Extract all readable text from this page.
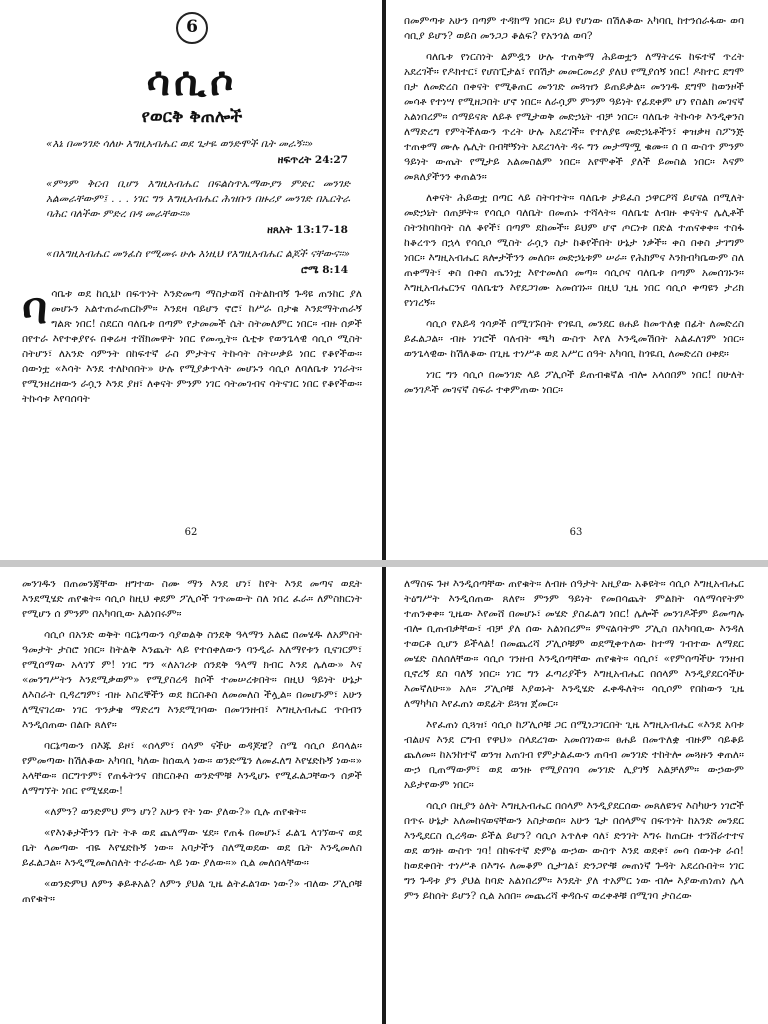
6
ሳሲሶ
የወርቅ ቅጠሎች
«እኔ በመንገድ ሳለሁ እግዚአብሔር ወደ ጌታዬ ወንድሞች ቤት መራኝ።»
ዘፍጥረት 24:27
«ምንም ቅርብ ቢሆን እግዚአብሔር በፍልስጥኤማውያን ምድር መንገድ አልመራቸውም፤ . . . ነገር ግን እግዚአብሔር ሕዝቡን በዙሪያ መንገድ በኤርትራ ባሕር ባለችው ምድረ በዳ መራቸው።»
ዘጸአት 13:17-18
«በእግዚአብሔር መንፈስ የሚመሩ ሁሉ እነዚህ የእግዚአብሔር ልጆች ናቸውና።»
ሮሜ 8:14

ባሳቤቱ ወደ ከሲኒኮ በፍጥነት እንድመጣ ማስታወሻ ስትልክብኝ ጉዳዩ ጠንከር ያለ መሆኑን አልተጠራጠርኩም። እንደዛ ባይሆን ኖሮ፣ ከሥራ በታቁ እንደማትጠራኝ ግልጽ ነበር! ስደርስ ባለቤቱ በጣም የታመመች ሴት ስትመለምር ነበር። ብዙ ሰዎች በየተራ እየተቀያየሩ በቀሬዛ ተሸክመዋት ነበር የመጧት። ሴቲቱ የወንጌላዊ ሳሲሶ ሚስት ስትሆን፣ ለአንድ ሳምንት በከፍተኛ ራስ ምታትና ትኩሳት ስትሠቃይ ነበር የቆየችው። ሰውነቷ «እሳት እንደ ተለኮሰበት» ሁሉ የሚያቃጥላት መሆኑን ሳሲሶ ለባለቤቱ ነገራት። የሚንዘረዘውን ራሷን እንደ ያዘ፣ ለቀናት ምንም ነገር ሳትመገብና ሳትናገር ነበር የቆየችው። ትኩሳቱ እየባሰባት

62

በመምጣቱ አሁን በጣም ተዳክማ ነበር። ይህ የሆነው በሽለቆው አካባቢ ከተንሰራፋው ወባ ሳቢያ ይሆን? ወይስ መንጋጋ ቆልፍ? የአንጎል ወባ?

ባለቤቱ የነርስነት ልምዷን ሁሉ ተጠቅማ ሕይወቷን ለማትረፍ ከፍተኛ ጥረት አደረገች። የዶክተር፣ የሆስፒታል፣ የበሽታ መመርመሪያ ያለህ የሚያሰኝ ነበር! ዶክተር ደግሞ በታ ለመድረስ በቀናት የሚቆጠር መንገድ መጓዝን ይጠይቃል። መንገዱ ደግሞ ከወንዞች መሳቶ የተነሣ የሚዘጋበት ሆኖ ነበር። ለራሷም ምንም ዓይነት የፊደቀም ሆነ የስልክ መገናኛ አልነበረም። ሰማይናጽ ለይቶ የሚታወቅ መድኃኒት ብቻ ነበር። ባለቤቱ ትኩሳቱ እንዲቀንስ ለማድረግ የምትችለውን ጥረት ሁሉ አደረገች። የተለያዩ መድኃኒቶችን፣ ቀዝቃዛ ስፖንጅ ተጠቀማ ሙሉ ሌሊት በብቸኝነት አደረገላት ዳሩ ግን መታማሟ ቁሙ። ሰ በ ውስጥ ምንም ዓይነት ውጤት የሚታይ አልመስልም ነበር። አየሞቀች ያለች ይመስል ነበር። እናም መጸለያችንን ቀጠልን።

ለቀናት ሕይወቷ በጣር ላይ ስትባተት። ባለቤቱ ታይፈስ ኃዋርዖሻ ይሆናል በሚለት መድኃኒት ሰጠቻት። የሳሲሶ ባለቤት በመጠኑ ተሻላት። ባለቤቴ ለብዙ ቀናትና ሌሊቶች ስትንከባከባት ስለ ቆየች፣ በጣም ደከመች። ይህም ሆኖ ጦርነቱ በድል ተጠናቀቀ። ተስፋ ከቆረጥን በኋላ የሳሲሶ ሚስት ራሷን ስታ ከቆየችበት ሁኔታ ነቃች። ቀስ በቀስ ታገግም ነበር። እግዚአብሔር ጸሎታችንን መለሰ። መድኃኒቱም ሠራ። የሕክምና እንክብካቤውም ስለ ጠቀማት፣ ቀስ በቀስ ጤንነቷ እየተመለሰ መጣ። ሳሲሶና ባለቤቱ በጣም አመሰገኑን። እግዚአብሔርንና ባለቤቴን እየደጋገሙ አመሰገኑ። በዚህ ጊዜ ነበር ሳሲሶ ቀጣዩን ታሪክ የነገረኝ።

ሳሲሶ የአይዳ ጎሳዎች በሚገኙበት የጎዪቢ መንደር ፀሐይ ከመጥለቋ በፊት ለመድረስ ይፈልጋል። ብዙ ነገሮች ባለብት ጫካ ውስጥ እየለ እንዲመሽበት አልፈለገም ነበር። ወንጌላዊው ከሽለቆው በጊዜ ተነሥቶ ወደ አሥር ሰዓት አካባቢ ከጎዪቢ ለመድረስ ዐቀደ።

ነገር ግን ሳሲሶ በመንገድ ላይ ፖሊሶች ይጠብቁኛል ብሎ አላሰበም ነበር! በሁለት መንገዶች መገናኛ ስፍራ ተቀምጠው ነበር።

63

መንገዱን በጠመንጃቸው ዘግተው ስሙ ማን እንደ ሆነ፣ ከየት እንደ መጣና ወዴት እንደሚሄድ ጠየቁት። ሳሲሶ ከዚህ ቀደም ፖሊሶች ገጥመውት ስለ ነበረ ፈራ። ለምስክርነት የሚሆን ሰ ምንም በአካባቢው አልነበሩም።

ሳሲሶ በአንድ ወቅት ባርኔጣውን ሳያወልቅ ስንደቅ ዓላማን አልፎ በመሄዱ ለአምስት ዓመታት ታስሮ ነበር። ከትልቅ እንጨት ላይ የተሰቀለውን ባንዲራ አለማየቱን ቢናገርም፣ የሚሰማው አላገኘ ም! ነገር ግን «ለአገሪቱ ሰንደቅ ዓላማ ክብር እንደ ሌለው» እና «መንግሥትን እንደሚቃወም» የሚያስረዳ ክሶች ተመሠረቱበት። በዚህ ዓይነት ሁኔታ ለእስራት ቢዳረግም፣ ብዙ አስረኞችን ወደ ክርስቶስ ለመመለስ ችሏል። በመሆኑም፣ አሁን ለሚናገረው ነገር ጥንቃቄ ማድረግ እንደሚገባው በመገንዘብ፣ እግዚአብሔር ጥበብን እንዲሰጠው በልቡ ጸለየ።

ባርኔጣውን በእጁ ይዞ፣ «ሰላም፣ ሰላም ናችሁ ወዳጆቼ? ስሜ ሳሲሶ ይባላል። የምመጣው ከሽለቆው አካባቢ ካለው ከሰዉላ ነው። ወንድሜን ለመፈለግ እየሄድኩኝ ነው።» አላቸው። በርግጥም፣ የጠፋትንና በክርስቶስ ወንድሞቹ እንዲሆኑ የሚፈልጋቸውን ሰዎች ለማግኘት ነበር የሚሄደው!

«ለምን? ወንድምህ ምን ሆነ? አሁን የት ነው ያለው?» ሲሉ ጠየቁት።

«የእነቆታችንን ቤት ትቶ ወደ ጨለማው ሄደ። የጠፋ በመሆኑ፣ ፈልጌ ላገኘውና ወደ ቤት ላመጣው ብዬ እየሄድኩኝ ነው። አባታችን ስለሚወደው ወደ ቤት እንዲመለስ ይፈልጋል። እንዲሚመለስለት ተራራው ላይ ነው ያለው።» ሲል መለሰላቸው።

«ወንድምህ ለምን ቆይቶአል? ለምን ያህል ጊዜ ልትፈልገው ነው?» ብለው ፖሊሶቹ ጠየቁት።

ለማስፍ ጉዞ እንዲሰጣቸው ጠየቁት። ለብዙ ሰዓታት አዚያው አቆዩት። ሳሲሶ እግዚአብሔር ትዕግሥት እንዲሰጠው ጸለየ። ምንም ዓይነት የመበሳጨት ምልክት ሳለማሳየትም ተጠንቀቀ። ጊዜው እየመሸ በመሆኑ፣ መሄድ ያስፈልግ ነበር! ሌሎች መንገዶችም ይመጣሉ ብሎ ቢጠብቃቸው፣ ብቻ ያለ ሰው አልነበረም። ምናልባትም ፖሊስ በአካባቢው እንዳለ ተወርቶ ሲሆን ይችላል! በመጨረሻ ፖሊሶቹም ወደሚቀጥለው ከተማ ገብተው ለማደር መሄድ ስለሰለቸው። ሳሲሶ ገንዘብ እንዲሰጣቸው ጠየቁት። ሳሲሶ፣ «የምሰጣችሁ ገንዘብ ቢኖረኝ ደስ ባለኝ ነበር። ነገር ግን ፈጣሪያችን እግዚአብሔር በሰላም እንዲያደርሳችሁ እመኛለሁ።» አለ። ፖሊሶቹ እያወኑት እንዲሄድ ፈቀዱለት። ሳሲሶም የበከውን ጊዜ ለማካካስ እየፈጠነ ወደፊት ይጓዝ ጀመር።

እየፈጠነ ሲጓዝ፣ ሳሲሶ ከፖሊሶቹ ጋር በሚነጋገርበት ጊዜ እግዚአብሔር «እንደ አባቱ ብልሀና እንደ ርግብ የዋህ» ስላደረገው አመሰገነው። ፀሐይ በመጥለቋ ብዙም ሳይቆይ ጨለመ። ከአንከተኛ ወንዝ አጠገብ የምታልፈውን ጠባብ መንገድ ተከትሎ መጓዙን ቀጠለ። ውኃ ቢጠማውም፣ ወደ ወንዙ የሚያስገባ መንገድ ሊያገኝ አልቻለም። ውኃውም አይታየውም ነበር።

ሳሲሶ በዚያን ዕለት እግዚአብሔር በሰላም እንዲያደርሰው መጸለዩንና እስካሁን ነገሮች በጥሩ ሁኔታ አለመከናወናቸውን አስታወሰ። አሁን ጌታ በሰላምና በፍጥነት ከአንድ መንደር እንዲደርስ ሲረዳው ይችል ይሆን? ሳሲሶ አጥለቀ ሳለ፣ ድንገት እግሩ ከጠርዙ ተንሸራተተና ወደ ወንዙ ውስጥ ገባ! በከፍተኛ ድምፅ ውኃው ውስጥ እንደ ወደቀ፣ መሳ ሰውነቱ ራሰ! ከወደቀበት ተነሥቶ በእግሩ ለመቆም ሲታገል፣ ድንጋዮቹ መጠነኛ ጉዳት አደረሱበት። ነገር ግን ጉዳቱ ያን ያህል ከባድ አልነበረም። እንዴት ያለ ተአምር ነው ብሎ እያውጠነጠነ ሌላ ምን ይከሰት ይሆን? ሲል አሰበ። መጨረሻ ቀዳሱና ወረቀቶቹ በሚገባ ታስረው
